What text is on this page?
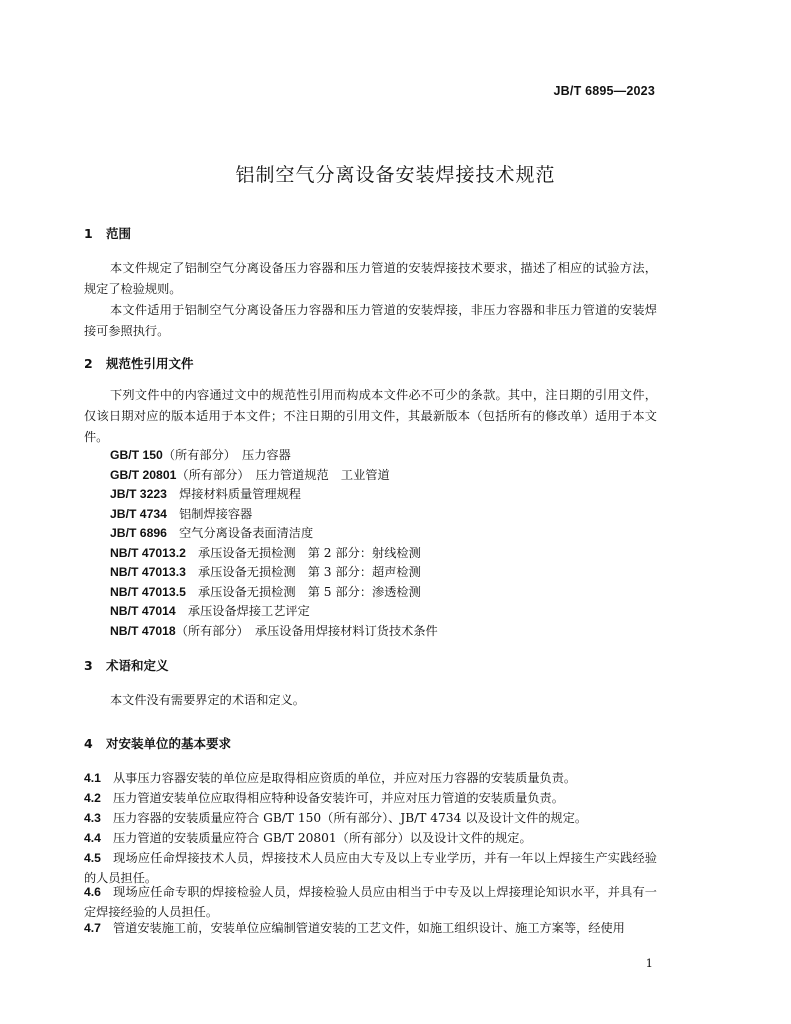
JB/T 6895—2023
铝制空气分离设备安装焊接技术规范
1 范围

本文件规定了铝制空气分离设备压力容器和压力管道的安装焊接技术要求，描述了相应的试验方法，规定了检验规则。

本文件适用于铝制空气分离设备压力容器和压力管道的安装焊接，非压力容器和非压力管道的安装焊接可参照执行。

2 规范性引用文件

下列文件中的内容通过文中的规范性引用而构成本文件必不可少的条款。其中，注日期的引用文件，仅该日期对应的版本适用于本文件；不注日期的引用文件，其最新版本（包括所有的修改单）适用于本文件。

GB/T 150（所有部分）　压力容器
GB/T 20801（所有部分）　压力管道规范　工业管道
JB/T 3223　焊接材料质量管理规程
JB/T 4734　铝制焊接容器
JB/T 6896　空气分离设备表面清洁度
NB/T 47013.2　承压设备无损检测　第 2 部分：射线检测
NB/T 47013.3　承压设备无损检测　第 3 部分：超声检测
NB/T 47013.5　承压设备无损检测　第 5 部分：渗透检测
NB/T 47014　承压设备焊接工艺评定
NB/T 47018（所有部分）　承压设备用焊接材料订货技术条件
3 术语和定义

本文件没有需要界定的术语和定义。

4 对安装单位的基本要求

4.1 从事压力容器安装的单位应是取得相应资质的单位，并应对压力容器的安装质量负责。

4.2 压力管道安装单位应取得相应特种设备安装许可，并应对压力管道的安装质量负责。

4.3 压力容器的安装质量应符合 GB/T 150（所有部分）、JB/T 4734 以及设计文件的规定。

4.4 压力管道的安装质量应符合 GB/T 20801（所有部分）以及设计文件的规定。

4.5 现场应任命焊接技术人员，焊接技术人员应由大专及以上专业学历，并有一年以上焊接生产实践经验的人员担任。

4.6 现场应任命专职的焊接检验人员，焊接检验人员应由相当于中专及以上焊接理论知识水平，并具有一定焊接经验的人员担任。

4.7 管道安装施工前，安装单位应编制管道安装的工艺文件，如施工组织设计、施工方案等，经使用

1
